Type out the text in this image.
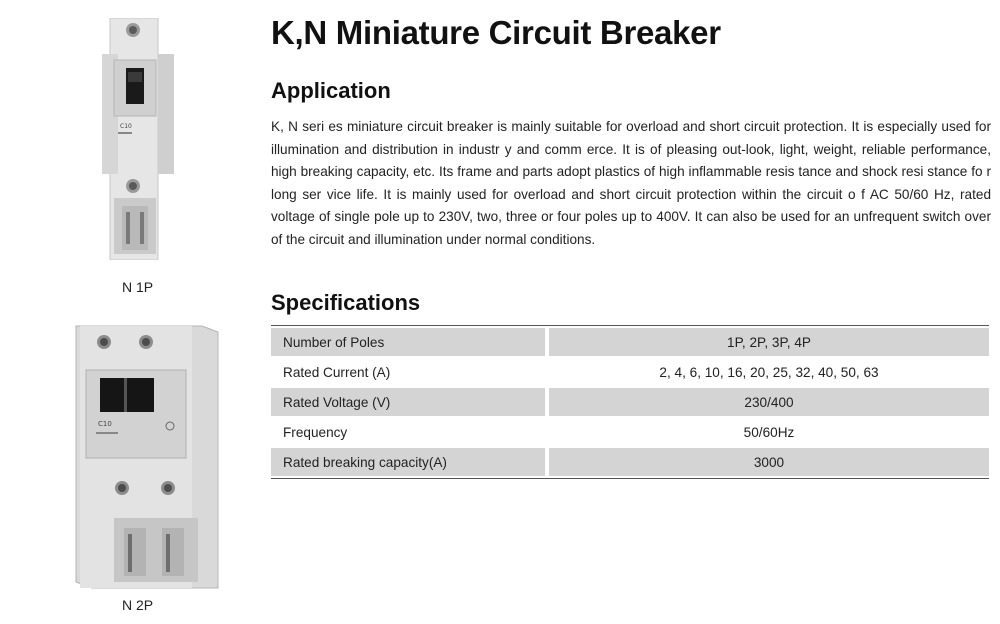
C10
N 1P
C10
N 2P
K,N Miniature Circuit Breaker
Application
K, N seri es miniature circuit breaker is mainly suitable for overload and short circuit protection. It is especially used for illumination and distribution in industr y and comm erce. It is of pleasing out-look, light, weight, reliable performance, high breaking capacity, etc. Its frame and parts adopt plastics of high inflammable resis tance and shock resi stance fo r long ser vice life. It is mainly used for overload and short circuit protection within the circuit o f AC 50/60 Hz, rated voltage of single pole up to 230V, two, three or four poles up to 400V. It can also be used for an unfrequent switch over of the circuit and illumination under normal conditions.
Specifications
Number of Poles		1P, 2P, 3P, 4P
Rated Current (A)		2, 4, 6, 10, 16, 20, 25, 32, 40, 50, 63
Rated Voltage (V)		230/400
Frequency		50/60Hz
Rated breaking capacity(A)		3000
